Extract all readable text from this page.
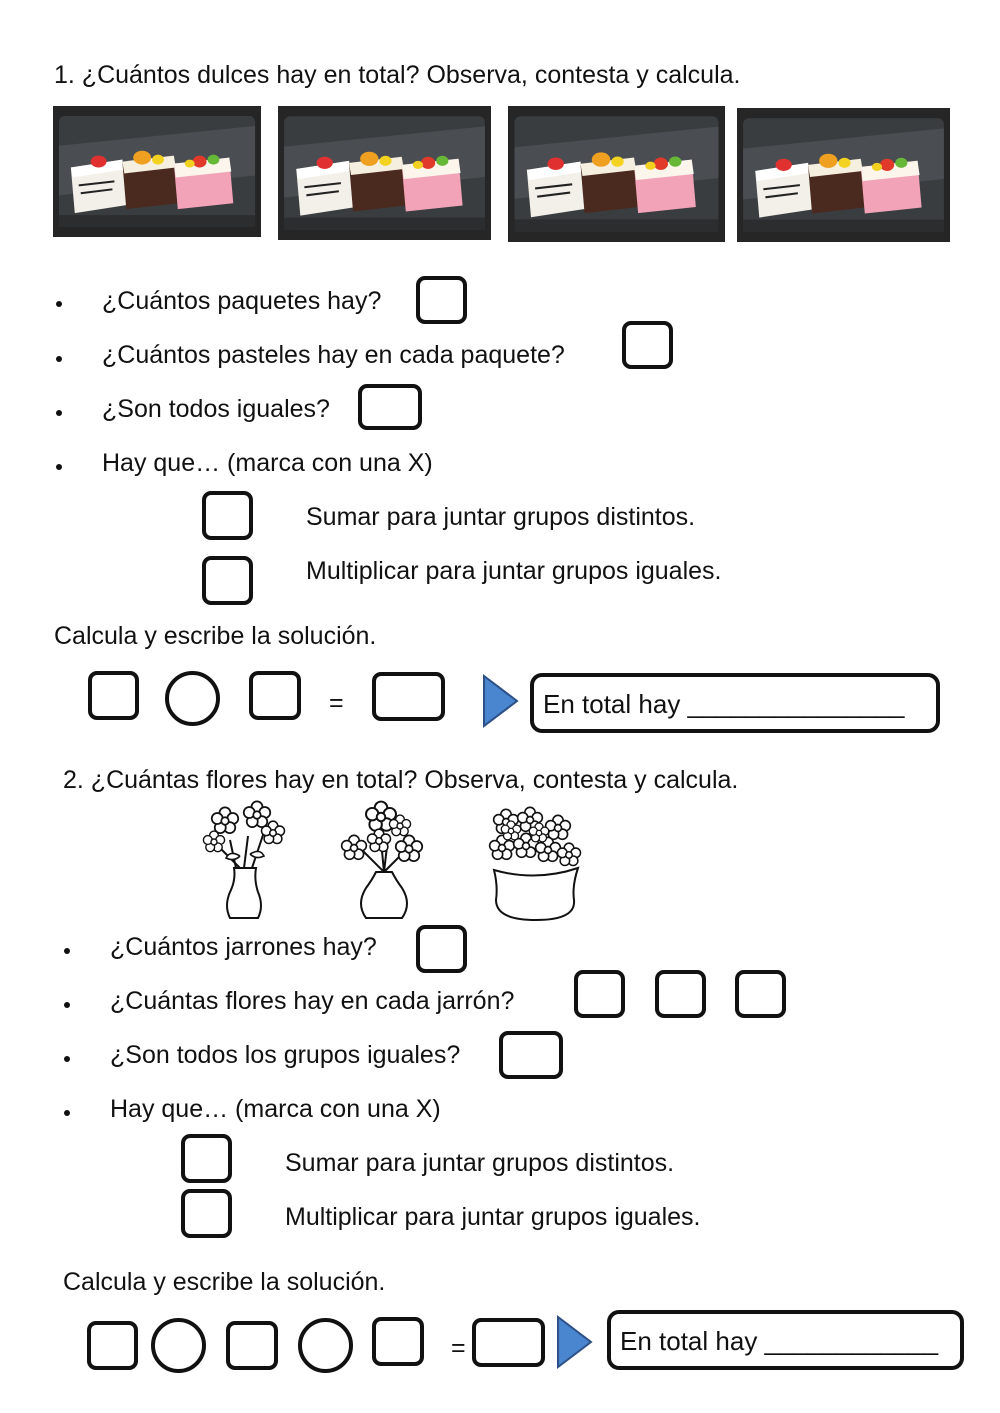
1. ¿Cuántos dulces hay en total? Observa, contesta y calcula.
¿Cuántos paquetes hay?
¿Cuántos pasteles hay en cada paquete?
¿Son todos iguales?
Hay que… (marca con una X)
Sumar para juntar grupos distintos.
Multiplicar para juntar grupos iguales.
Calcula y escribe la solución.
=	En total hay _______________
2. ¿Cuántas flores hay en total? Observa, contesta y calcula.
¿Cuántos jarrones hay?
¿Cuántas flores hay en cada jarrón?
¿Son todos los grupos iguales?
Hay que… (marca con una X)
Sumar para juntar grupos distintos.
Multiplicar para juntar grupos iguales.
Calcula y escribe la solución.
=	En total hay ____________
